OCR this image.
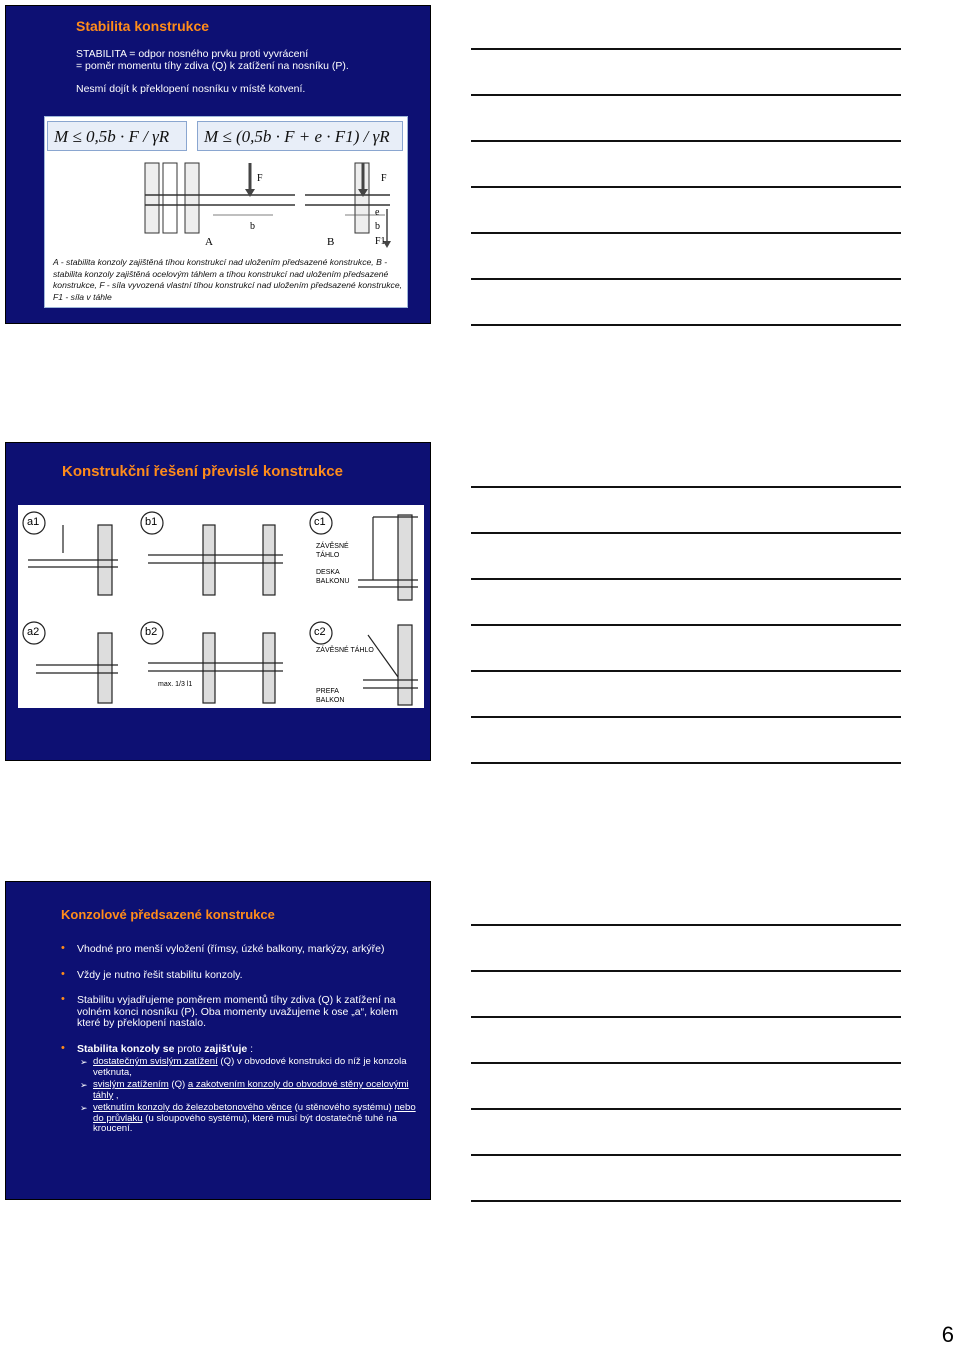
Stabilita konstrukce
STABILITA = odpor nosného prvku proti vyvrácení
= poměr momentu tíhy zdiva (Q) k zatížení na nosníku (P).
Nesmí dojít k překlopení nosníku v místě kotvení.
M ≤ 0,5b · F / γR	M ≤ (0,5b · F + e · F1) / γR
F	F
b
e
b
F1
A	B
A - stabilita konzoly zajištěná tíhou konstrukcí nad uložením předsazené konstrukce, B - stabilita konzoly zajištěná ocelovým táhlem a tíhou konstrukcí nad uložením předsazené konstrukce, F - síla vyvozená vlastní tíhou konstrukcí nad uložením předsazené konstrukce, F1 - síla v táhle
Konstrukční řešení převislé konstrukce
a1	b1	c1
a2	b2	c2
ZÁVĚSNÉ TÁHLO
DESKA BALKONU
ZÁVĚSNÉ TÁHLO
PREFA BALKON
max. 1/3 l1
Konzolové předsazené konstrukce
• Vhodné pro menší vyložení (římsy, úzké balkony, markýzy, arkýře)
• Vždy je nutno řešit stabilitu konzoly.
• Stabilitu vyjadřujeme poměrem momentů tíhy zdiva (Q) k zatížení na volném konci nosníku (P). Oba momenty uvažujeme k ose „a“, kolem které by překlopení nastalo.
• Stabilita konzoly se proto zajišťuje :
➢ dostatečným svislým zatížení (Q) v obvodové konstrukci do níž je konzola vetknuta,
➢ svislým zatížením (Q) a zakotvením konzoly do obvodové stěny ocelovými táhly ,
➢ vetknutím konzoly do železobetonového věnce (u stěnového systému) nebo do průvlaku (u sloupového systému), které musí být dostatečně tuhé na kroucení.
6
